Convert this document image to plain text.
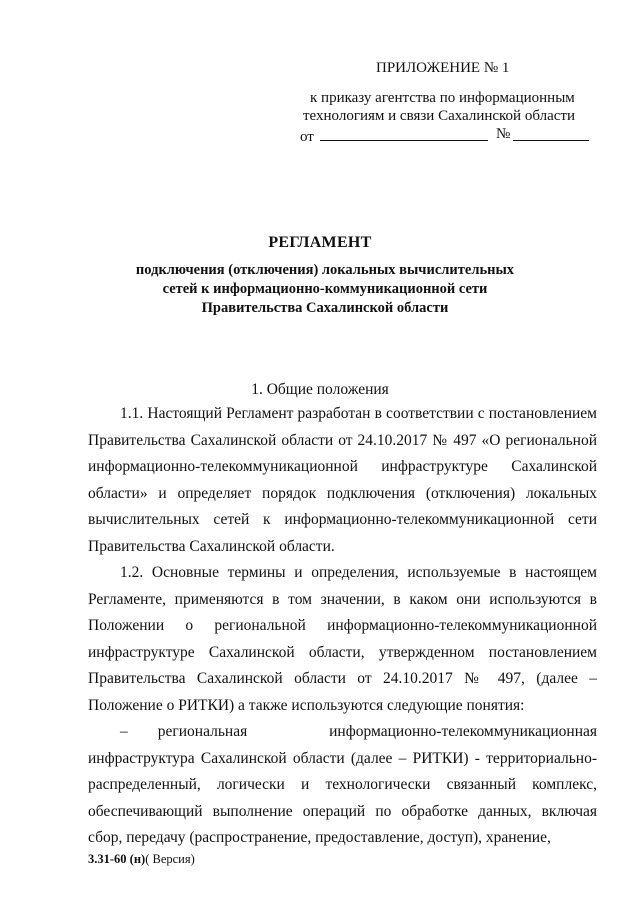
ПРИЛОЖЕНИЕ № 1
к приказу агентства по информационным
технологиям и связи Сахалинской области
от	№
РЕГЛАМЕНТ
подключения (отключения) локальных вычислительных сетей к информационно-коммуникационной сети Правительства Сахалинской области
1. Общие положения

1.1. Настоящий Регламент разработан в соответствии с постановлением Правительства Сахалинской области от 24.10.2017 № 497 «О региональной информационно-телекоммуникационной инфраструктуре Сахалинской области» и определяет порядок подключения (отключения) локальных вычислительных сетей к информационно-телекоммуникационной сети Правительства Сахалинской области.

1.2. Основные термины и определения, используемые в настоящем Регламенте, применяются в том значении, в каком они используются в Положении о региональной информационно-телекоммуникационной инфраструктуре Сахалинской области, утвержденном постановлением Правительства Сахалинской области от 24.10.2017 № 497, (далее – Положение о РИТКИ) а также используются следующие понятия:

– региональная	информационно-телекоммуникационная

инфраструктура Сахалинской области (далее – РИТКИ) - территориально-распределенный, логически и технологически связанный комплекс, обеспечивающий выполнение операций по обработке данных, включая сбор, передачу (распространение, предоставление, доступ), хранение,

3.31-60 (н)( Версия)
